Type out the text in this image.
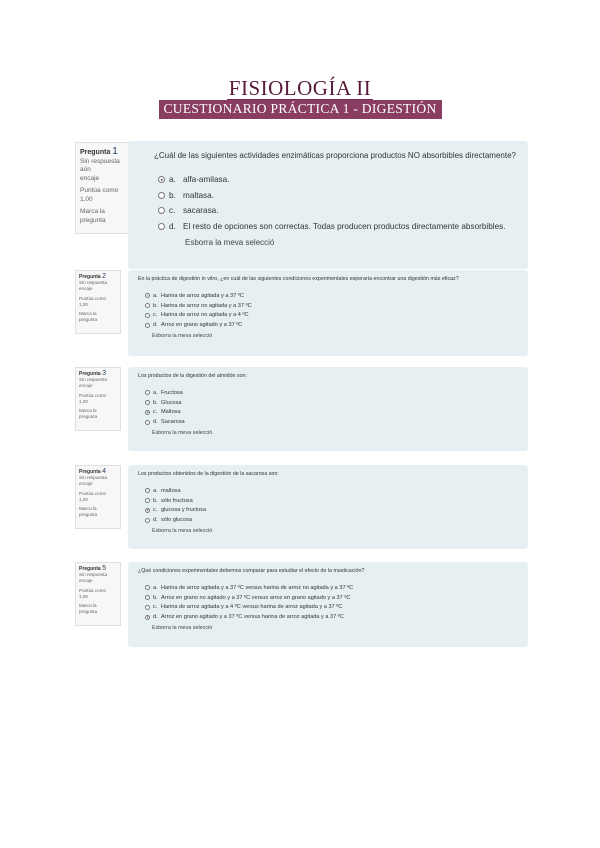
FISIOLOGÍA II
CUESTIONARIO PRÁCTICA 1 - DIGESTIÓN
Pregunta 1
Sin respuesta aún
encaje
Puntúa como
1,00
Marca la
pregunta
¿Cuál de las siguientes actividades enzimáticas proporciona productos NO absorbibles directamente?
a. alfa-amilasa.
b. maltasa.
c. sacarasa.
d. El resto de opciones son correctas. Todas producen productos directamente absorbibles.
Esborra la meva selecció
Pregunta 2
Sin respuesta
encaje
Puntúa como
1,00
Marca la
pregunta
En la práctica de digestión in vitro, ¿en cuál de las siguientes condiciones experimentales esperaría encontrar una digestión más eficaz?
a. Harina de arroz agitada y a 37 ºC
b. Harina de arroz no agitada y a 37 ºC
c. Harina de arroz no agitada y a 4 ºC
d. Arroz en grano agitado y a 37 ºC
Esborra la meva selecció
Pregunta 3
Sin respuesta
encaje
Puntúa como
1,00
Marca la
pregunta
Los productos de la digestión del almidón son:
a. Fructosa
b. Glucosa
c. Maltosa
d. Sacarosa
Esborra la meva selecció
Pregunta 4
Sin respuesta
encaje
Puntúa como
1,00
Marca la
pregunta
Los productos obtenidos de la digestión de la sacarosa son:
a. maltosa
b. sólo fructosa
c. glucosa y fructosa
d. sólo glucosa
Esborra la meva selecció
Pregunta 5
Sin respuesta
encaje
Puntúa como
1,00
Marca la
pregunta
¿Qué condiciones experimentales debemos comparar para estudiar el efecto de la masticación?
a. Harina de arroz agitada y a 37 ºC versus harina de arroz no agitada y a 37 ºC
b. Arroz en grano no agitado y a 37 ºC versus arroz en grano agitado y a 37 ºC
c. Harina de arroz agitada y a 4 ºC versus harina de arroz agitada y a 37 ºC
d. Arroz en grano agitado y a 37 ºC versus harina de arroz agitada y a 37 ºC
Esborra la meva selecció
